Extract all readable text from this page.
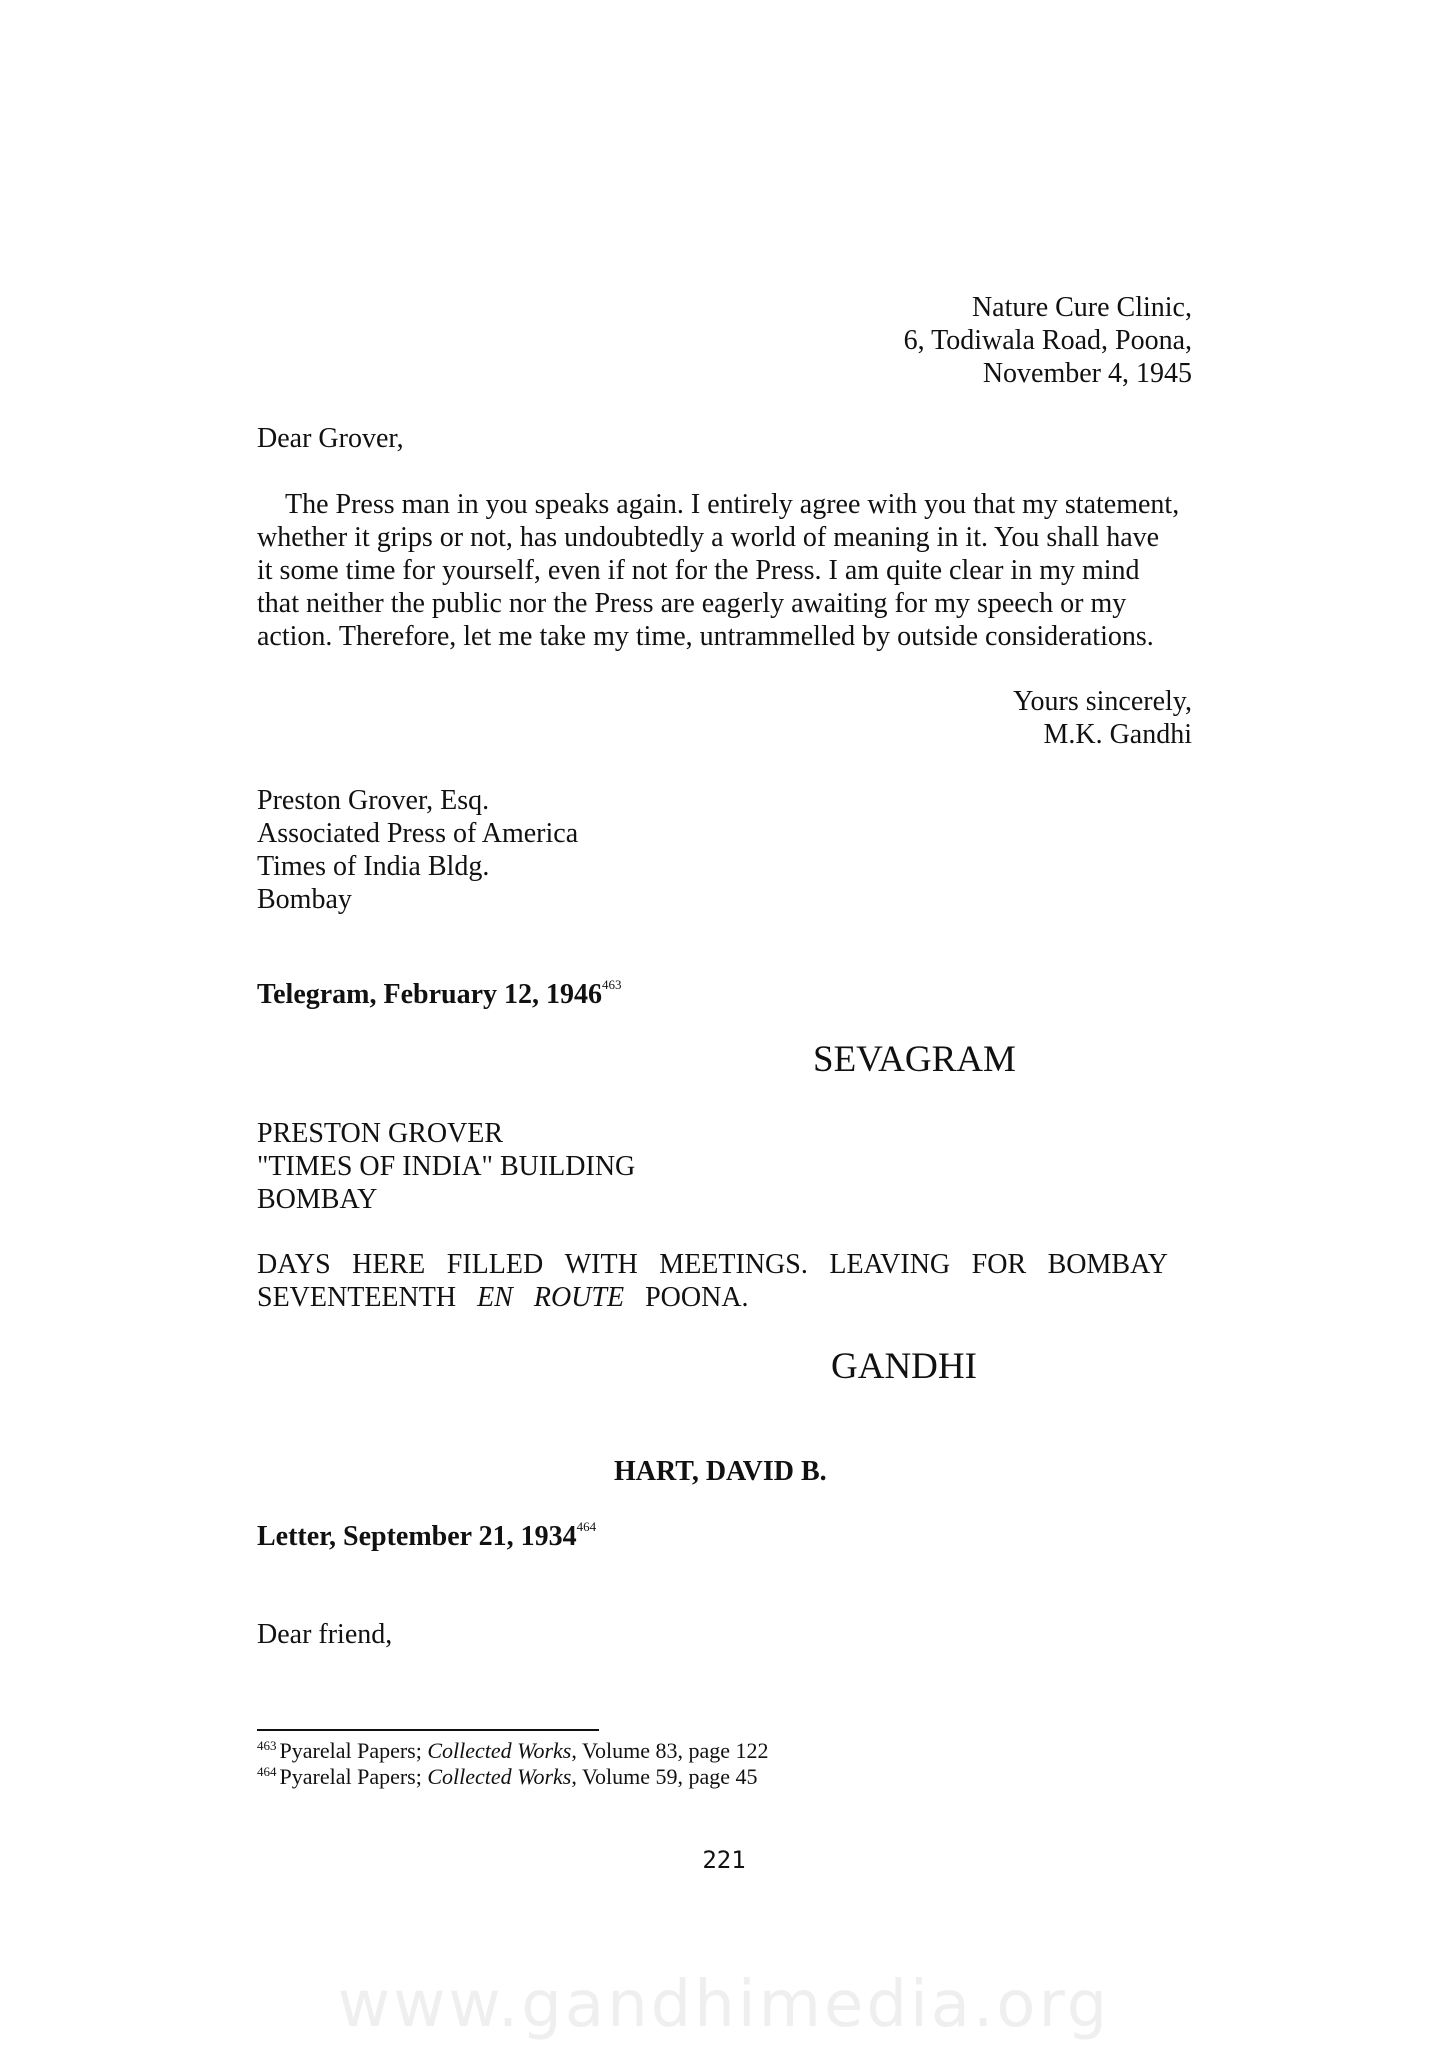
Nature Cure Clinic,
6, Todiwala Road, Poona,
November 4, 1945
Dear Grover,
The Press man in you speaks again. I entirely agree with you that my statement,
whether it grips or not, has undoubtedly a world of meaning in it. You shall have
it some time for yourself, even if not for the Press. I am quite clear in my mind
that neither the public nor the Press are eagerly awaiting for my speech or my
action. Therefore, let me take my time, untrammelled by outside considerations.
Yours sincerely,
M.K. Gandhi
Preston Grover, Esq.
Associated Press of America
Times of India Bldg.
Bombay
Telegram, February 12, 1946$^{463}$
SEVAGRAM
PRESTON GROVER
"TIMES OF INDIA" BUILDING
BOMBAY
DAYS HERE FILLED WITH MEETINGS. LEAVING FOR BOMBAY
SEVENTEENTH EN ROUTE POONA.
GANDHI
HART, DAVID B.
Letter, September 21, 1934$^{464}$
Dear friend,
$^{463}$ Pyarelal Papers; Collected Works, Volume 83, page 122
$^{464}$ Pyarelal Papers; Collected Works, Volume 59, page 45
221
www.gandhimedia.org
